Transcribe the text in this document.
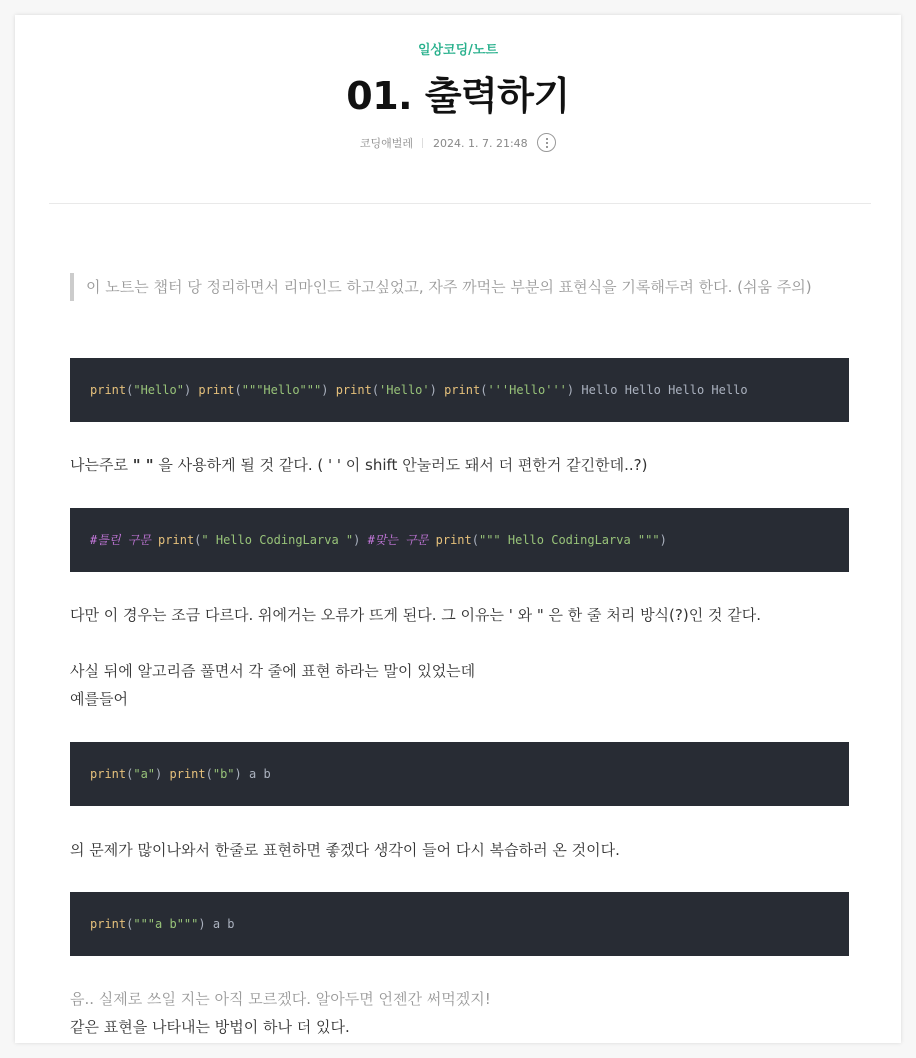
일상코딩/노트
01. 출력하기
코딩애벌레 2024. 1. 7. 21:48
이 노트는 챕터 당 정리하면서 리마인드 하고싶었고, 자주 까먹는 부분의 표현식을 기록해두려 한다. (쉬움 주의)
print("Hello") print("""Hello""") print('Hello') print('''Hello''') Hello Hello Hello Hello
나는주로 " " 을 사용하게 될 것 같다. ( ' ' 이 shift 안눌러도 돼서 더 편한거 같긴한데..?)
#틀린 구문 print(" Hello CodingLarva ") #맞는 구문 print(""" Hello CodingLarva """)
다만 이 경우는 조금 다르다. 위에거는 오류가 뜨게 된다. 그 이유는 ' 와 " 은 한 줄 처리 방식(?)인 것 같다.
사실 뒤에 알고리즘 풀면서 각 줄에 표현 하라는 말이 있었는데
예를들어
print("a") print("b") a b
의 문제가 많이나와서 한줄로 표현하면 좋겠다 생각이 들어 다시 복습하러 온 것이다.
print("""a b""") a b
음.. 실제로 쓰일 지는 아직 모르겠다. 알아두면 언젠간 써먹겠지!
같은 표현을 나타내는 방법이 하나 더 있다.
